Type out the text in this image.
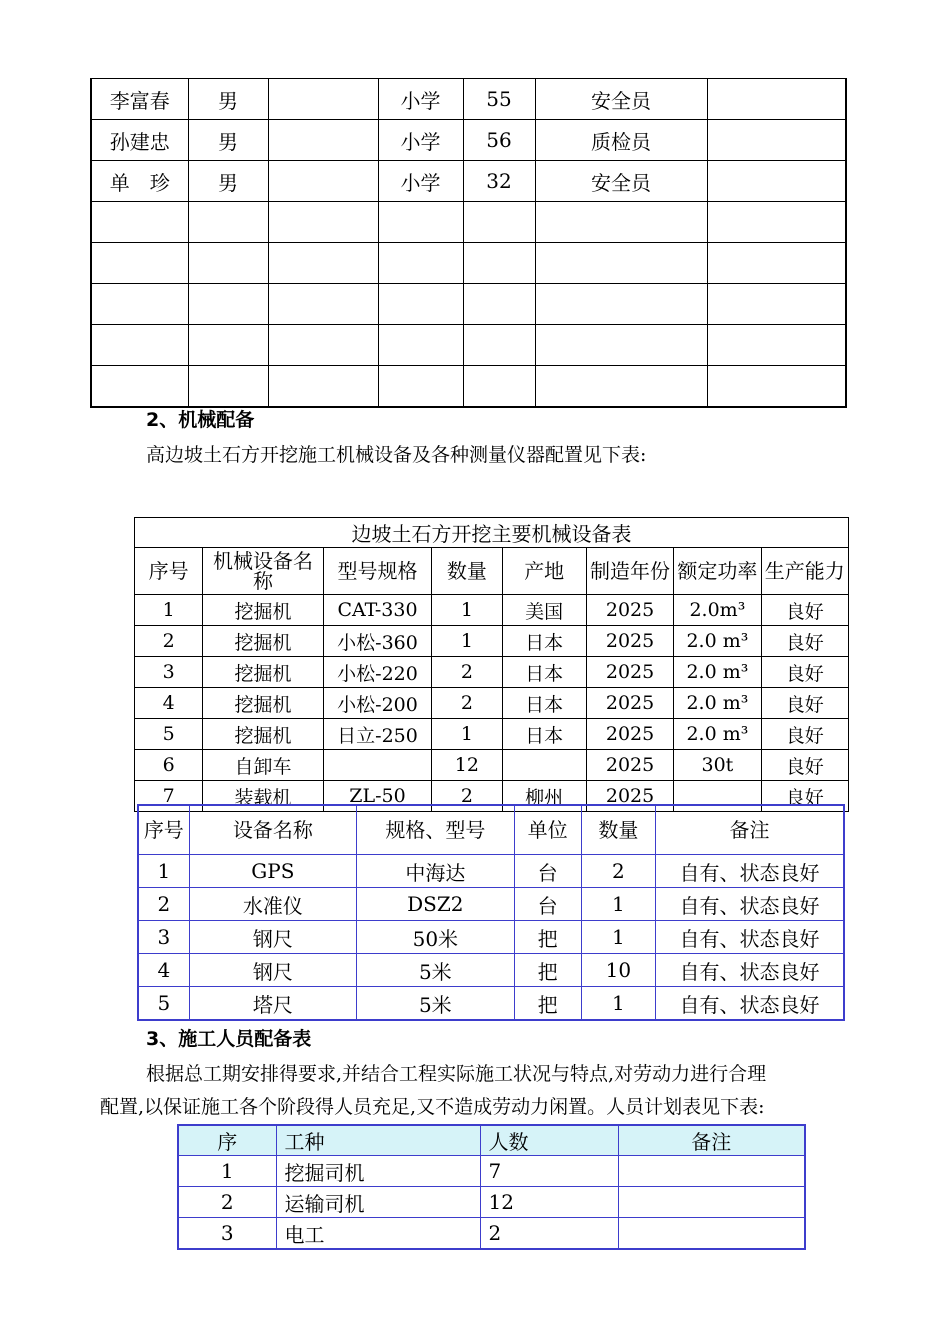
李富春	男		小学	55	安全员	
孙建忠	男		小学	56	质检员	
单　珍	男		小学	32	安全员	

2、机械配备
高边坡土石方开挖施工机械设备及各种测量仪器配置见下表:
边坡土石方开挖主要机械设备表							
序号	机械设备名称	型号规格	数量	产地	制造年份	额定功率	生产能力
1	挖掘机	CAT-330	1	美国	2025	2.0m³	良好
2	挖掘机	小松-360	1	日本	2025	2.0 m³	良好
3	挖掘机	小松-220	2	日本	2025	2.0 m³	良好
4	挖掘机	小松-200	2	日本	2025	2.0 m³	良好
5	挖掘机	日立-250	1	日本	2025	2.0 m³	良好
6	自卸车		12		2025	30t	良好
7	装载机	ZL-50	2	柳州	2025		良好
序号	设备名称	规格、型号	单位	数量	备注
1	GPS	中海达	台	2	自有、状态良好
2	水准仪	DSZ2	台	1	自有、状态良好
3	钢尺	50米	把	1	自有、状态良好
4	钢尺	5米	把	10	自有、状态良好
5	塔尺	5米	把	1	自有、状态良好
3、施工人员配备表
根据总工期安排得要求,并结合工程实际施工状况与特点,对劳动力进行合理
配置,以保证施工各个阶段得人员充足,又不造成劳动力闲置。人员计划表见下表:
序	工种	人数	备注
1	挖掘司机	7	
2	运输司机	12	
3	电工	2	
